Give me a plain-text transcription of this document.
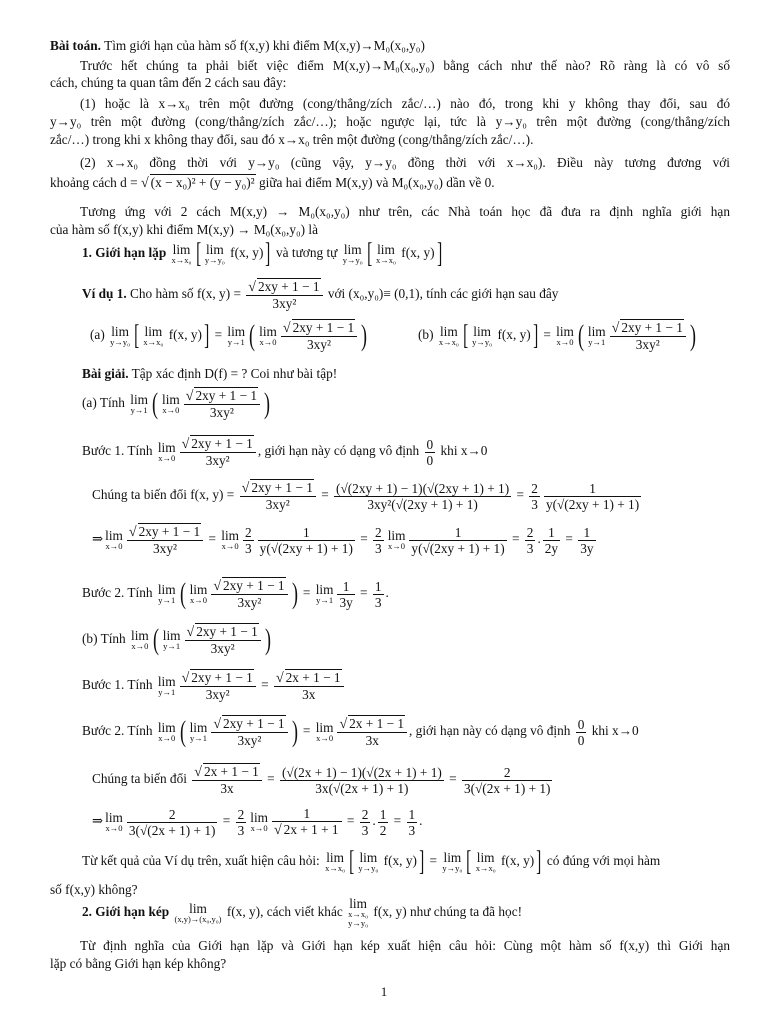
Bài toán. Tìm giới hạn của hàm số f(x,y) khi điểm M(x,y)→M₀(x₀,y₀)
Trước hết chúng ta phải biết việc điểm M(x,y)→M₀(x₀,y₀) bằng cách như thế nào? Rõ ràng là có vô số
cách, chúng ta quan tâm đến 2 cách sau đây:
(1) hoặc là x→x₀ trên một đường (cong/thẳng/zích zắc/…) nào đó, trong khi y không thay đổi, sau đó
y→y₀ trên một đường (cong/thẳng/zích zắc/…); hoặc ngược lại, tức là y→y₀ trên một đường (cong/thẳng/zích
zắc/…) trong khi x không thay đổi, sau đó x→x₀ trên một đường (cong/thẳng/zích zắc/…).
(2) x→x₀ đồng thời với y→y₀ (cũng vậy, y→y₀ đồng thời với x→x₀). Điều này tương đương với
khoảng cách d = √ (x − x₀)² + (y − y₀)² giữa hai điểm M(x,y) và M₀(x₀,y₀) dần về 0.
Tương ứng với 2 cách M(x,y) → M₀(x₀,y₀) như trên, các Nhà toán học đã đưa ra định nghĩa giới hạn
của hàm số f(x,y) khi điểm M(x,y) → M₀(x₀,y₀) là
1. Giới hạn lặp lim
x→x₀ [ lim
y→y₀ f(x, y)] và tương tự lim
y→y₀ [ lim
x→x₀ f(x, y)]
Ví dụ 1. Cho hàm số f(x, $y) = \frac{√ 2xy + 1 - 1}{\text{3xy²}}$ với (x₀,y₀)≡ (0,1), tính các giới hạn sau đây
(a) lim
y→y₀ [ lim
x→x₀ f(x, y)] = lim
y→1 ( lim
$x\to 0 \frac{√ 2xy + 1 - 1}{\text{3xy²}}$ )	(b) lim
x→x₀ [ lim
y→y₀ f(x, y)] = lim
x→0 ( lim
$y\to 1 \frac{√ 2xy + 1 - 1}{\text{3xy²}}$ )
Bài giải. Tập xác định D(f) = ? Coi như bài tập!
(a) Tính lim
y→1 ( lim
$x\to 0 \frac{√ 2xy + 1 - 1}{\text{3xy²}}$ )
Bước 1. Tính lim
$x\to 0 \frac{√ 2xy + 1 - 1}{\text{3xy²}}$ , giới hạn này có dạng vô định $\frac{0}{0}$ khi x→0
Chúng ta biến đổi f(x, $y) = \frac{√ 2xy + 1 - 1}{\text{3xy²}} = \frac{(√(2xy + 1) - 1)(√(2xy + 1) + 1)}{\text{3xy²(√(2xy + 1) + 1)}} = \frac{2}{3} \frac{1}{y(√(2xy + 1) + 1)}$
⇒ lim
$x\to 0 \frac{√ 2xy + 1 - 1}{\text{3xy²}} = \lim$
$x\to 0 \frac{2}{3} \frac{1}{y(√(2xy + 1) + 1)} = \frac{2}{3}$ lim
$x\to 0 \frac{1}{y(√(2xy + 1) + 1)} = \frac{2}{3}$ . $\frac{1}{2y} = \frac{1}{3y}$
Bước 2. Tính lim
y→1 ( lim
$x\to 0 \frac{√ 2xy + 1 - 1}{\text{3xy²}}$ ) = lim
$y\to 1 \frac{1}{3y} = \frac{1}{3}$ .
(b) Tính lim
x→0 ( lim
$y\to 1 \frac{√ 2xy + 1 - 1}{\text{3xy²}}$ )
Bước 1. Tính lim
$y\to 1 \frac{√ 2xy + 1 - 1}{\text{3xy²}} = \frac{√ 2x + 1 - 1}{3x}$
Bước 2. Tính lim
x→0 ( lim
$y\to 1 \frac{√ 2xy + 1 - 1}{\text{3xy²}}$ ) = lim
$x\to 0 \frac{√ 2x + 1 - 1}{3x}$ , giới hạn này có dạng vô định $\frac{0}{0}$ khi x→0
Chúng ta biến đổi $\frac{√ 2x + 1 - 1}{3x} = \frac{(√(2x + 1) - 1)(√(2x + 1) + 1)}{3x(√(2x + 1) + 1)} = \frac{2}{3(√(2x + 1) + 1)}$
⇒ lim
$x\to 0 \frac{2}{3(√(2x + 1) + 1)} = \frac{2}{3}$ lim
$x\to 0 \frac{1}{√ 2x + 1 + 1} = \frac{2}{3}$ . $\frac{1}{2} = \frac{1}{3}$ .
Từ kết quả của Ví dụ trên, xuất hiện câu hỏi: lim
x→x₀ [ lim
y→y₀ f(x, y)] = lim
y→y₀ [ lim
x→x₀ f(x, y)] có đúng với mọi hàm
số f(x,y) không?
2. Giới hạn kép	lim
(x,y)→(x₀,y₀) f(x, y), cách viết khác
lim
x→x₀
y→y₀
f(x, y) như chúng ta đã học!
Từ định nghĩa của Giới hạn lặp và Giới hạn kép xuất hiện câu hỏi: Cùng một hàm số f(x,y) thì Giới hạn
lặp có bằng Giới hạn kép không?
1
